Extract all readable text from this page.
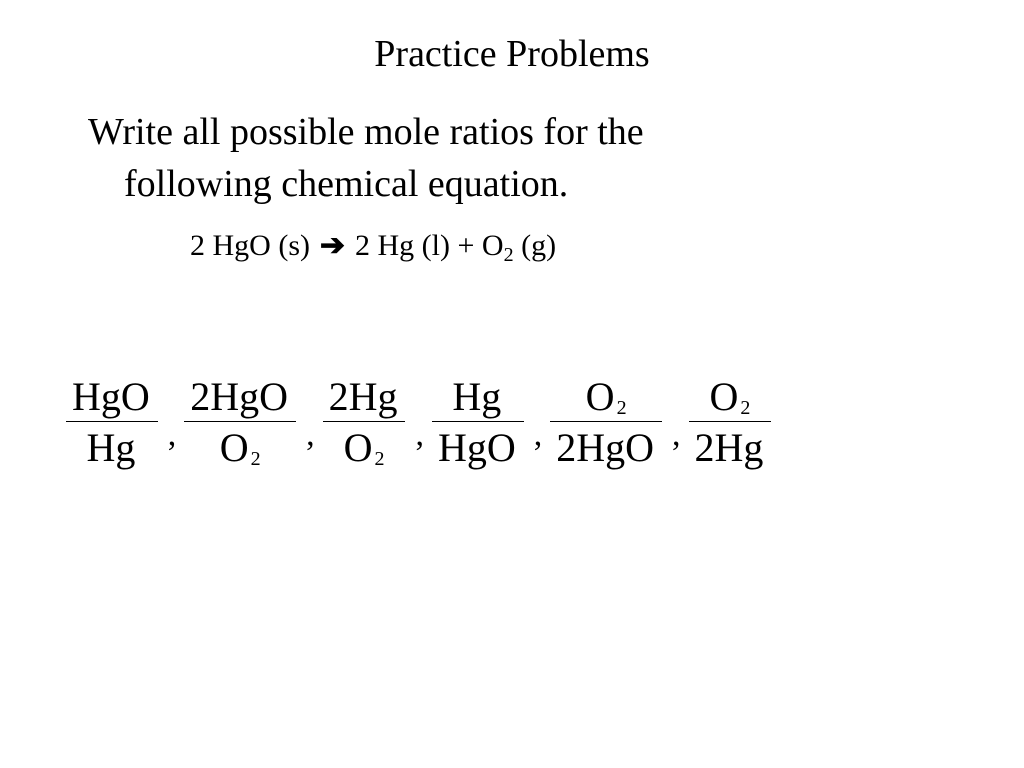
Practice Problems
Write all possible mole ratios for the
following chemical equation.
2 HgO (s) ➔ 2 Hg $(l) + O_2$ (g)
$\frac{\text{HgO}}{Hg}$ , $\frac{\text{2HgO}}{O _2}$ , $\frac{2Hg}{O _2}$ , $\frac{Hg}{\text{HgO}}$ , $\frac{O _2}{\text{2HgO}}$ , $\frac{O _2}{2Hg}$
